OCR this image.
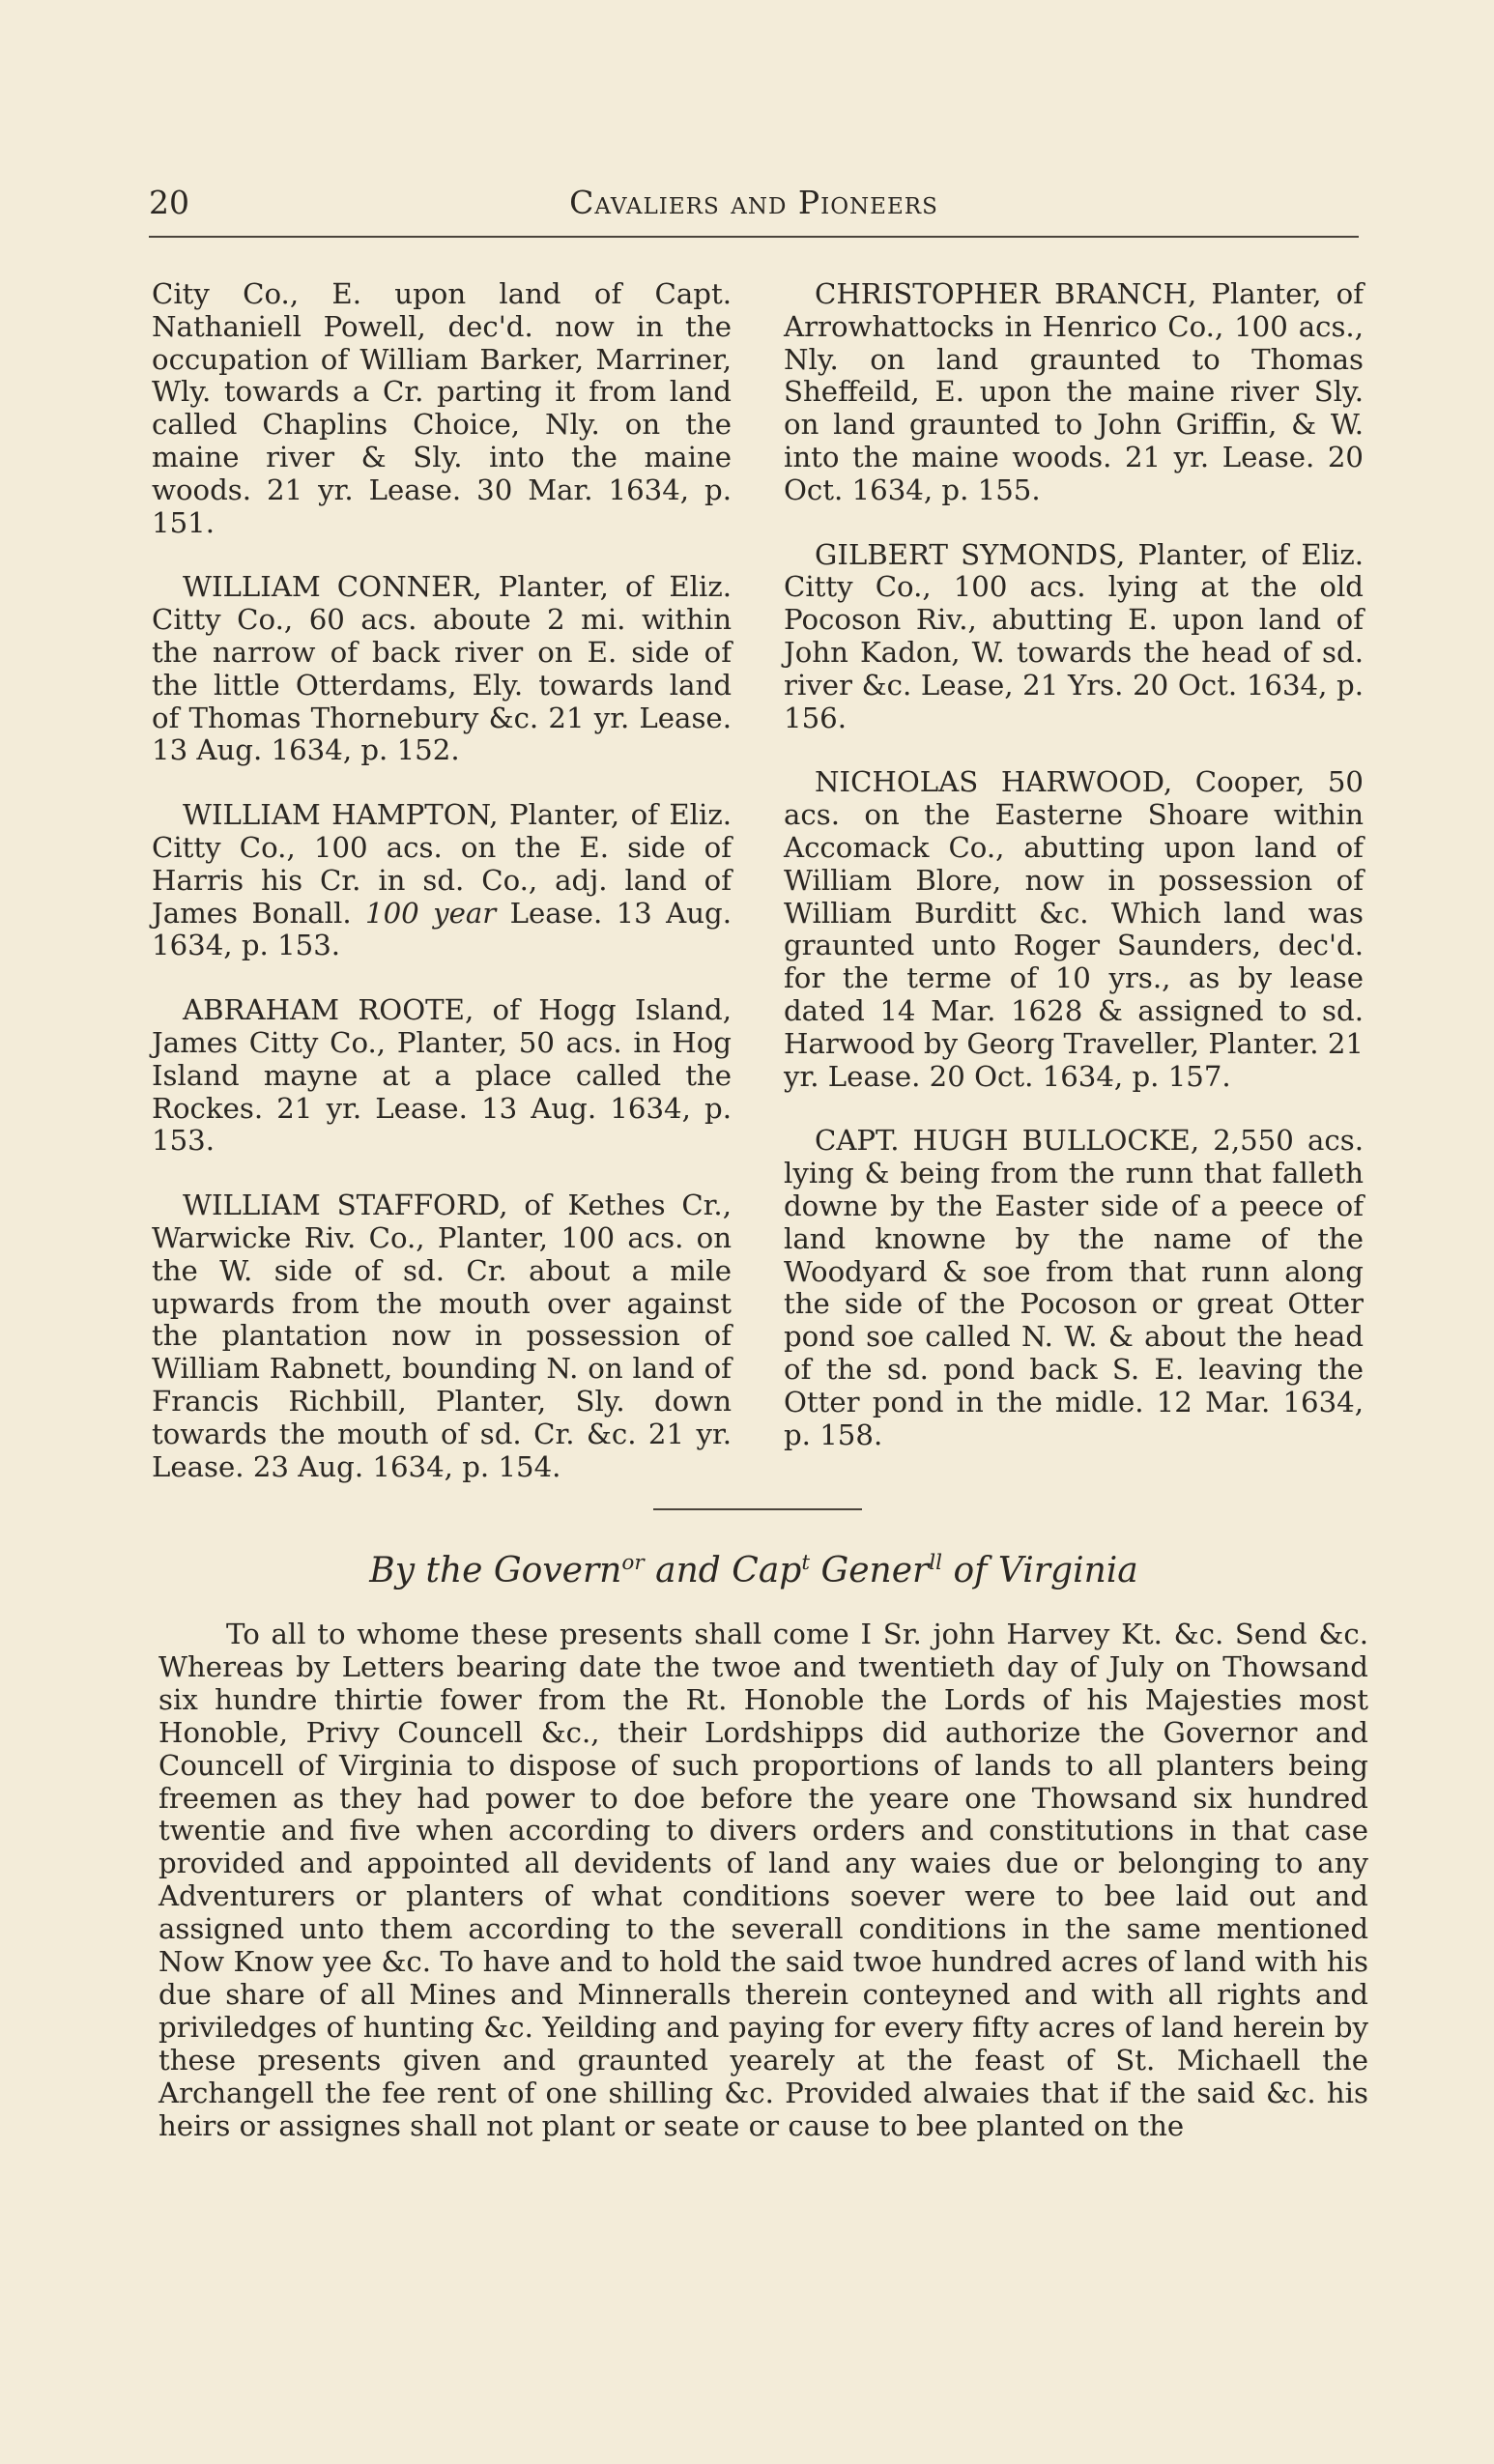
20	Cavaliers and Pioneers

City Co., E. upon land of Capt. Nathaniell Powell, dec'd. now in the occupation of William Barker, Marriner, Wly. towards a Cr. parting it from land called Chaplins Choice, Nly. on the maine river & Sly. into the maine woods. 21 yr. Lease. 30 Mar. 1634, p. 151.

WILLIAM CONNER, Planter, of Eliz. Citty Co., 60 acs. aboute 2 mi. within the narrow of back river on E. side of the little Otterdams, Ely. towards land of Thomas Thornebury &c. 21 yr. Lease. 13 Aug. 1634, p. 152.

WILLIAM HAMPTON, Planter, of Eliz. Citty Co., 100 acs. on the E. side of Harris his Cr. in sd. Co., adj. land of James Bonall. 100 year Lease. 13 Aug. 1634, p. 153.

ABRAHAM ROOTE, of Hogg Island, James Citty Co., Planter, 50 acs. in Hog Island mayne at a place called the Rockes. 21 yr. Lease. 13 Aug. 1634, p. 153.

WILLIAM STAFFORD, of Kethes Cr., Warwicke Riv. Co., Planter, 100 acs. on the W. side of sd. Cr. about a mile upwards from the mouth over against the plantation now in possession of William Rabnett, bounding N. on land of Francis Richbill, Planter, Sly. down towards the mouth of sd. Cr. &c. 21 yr. Lease. 23 Aug. 1634, p. 154.

CHRISTOPHER BRANCH, Planter, of Arrowhattocks in Henrico Co., 100 acs., Nly. on land graunted to Thomas Sheffeild, E. upon the maine river Sly. on land graunted to John Griffin, & W. into the maine woods. 21 yr. Lease. 20 Oct. 1634, p. 155.

GILBERT SYMONDS, Planter, of Eliz. Citty Co., 100 acs. lying at the old Pocoson Riv., abutting E. upon land of John Kadon, W. towards the head of sd. river &c. Lease, 21 Yrs. 20 Oct. 1634, p. 156.

NICHOLAS HARWOOD, Cooper, 50 acs. on the Easterne Shoare within Accomack Co., abutting upon land of William Blore, now in possession of William Burditt &c. Which land was graunted unto Roger Saunders, dec'd. for the terme of 10 yrs., as by lease dated 14 Mar. 1628 & assigned to sd. Harwood by Georg Traveller, Planter. 21 yr. Lease. 20 Oct. 1634, p. 157.

CAPT. HUGH BULLOCKE, 2,550 acs. lying & being from the runn that falleth downe by the Easter side of a peece of land knowne by the name of the Woodyard & soe from that runn along the side of the Pocoson or great Otter pond soe called N. W. & about the head of the sd. pond back S. E. leaving the Otter pond in the midle. 12 Mar. 1634, p. 158.

By the Govern$^{or}$ and Cap$^t$ Gener$^{ll}$ of Virginia

To all to whome these presents shall come I Sr. john Harvey Kt. &c. Send &c. Whereas by Letters bearing date the twoe and twentieth day of July on Thowsand six hundre thirtie fower from the Rt. Honoble the Lords of his Majesties most Honoble, Privy Councell &c., their Lordshipps did authorize the Governor and Councell of Virginia to dispose of such proportions of lands to all planters being freemen as they had power to doe before the yeare one Thowsand six hundred twentie and five when according to divers orders and constitutions in that case provided and appointed all devidents of land any waies due or belonging to any Adventurers or planters of what conditions soever were to bee laid out and assigned unto them according to the severall conditions in the same mentioned Now Know yee &c. To have and to hold the said twoe hundred acres of land with his due share of all Mines and Minneralls therein conteyned and with all rights and priviledges of hunting &c. Yeilding and paying for every fifty acres of land herein by these presents given and graunted yearely at the feast of St. Michaell the Archangell the fee rent of one shilling &c. Provided alwaies that if the said &c. his heirs or assignes shall not plant or seate or cause to bee planted on the
